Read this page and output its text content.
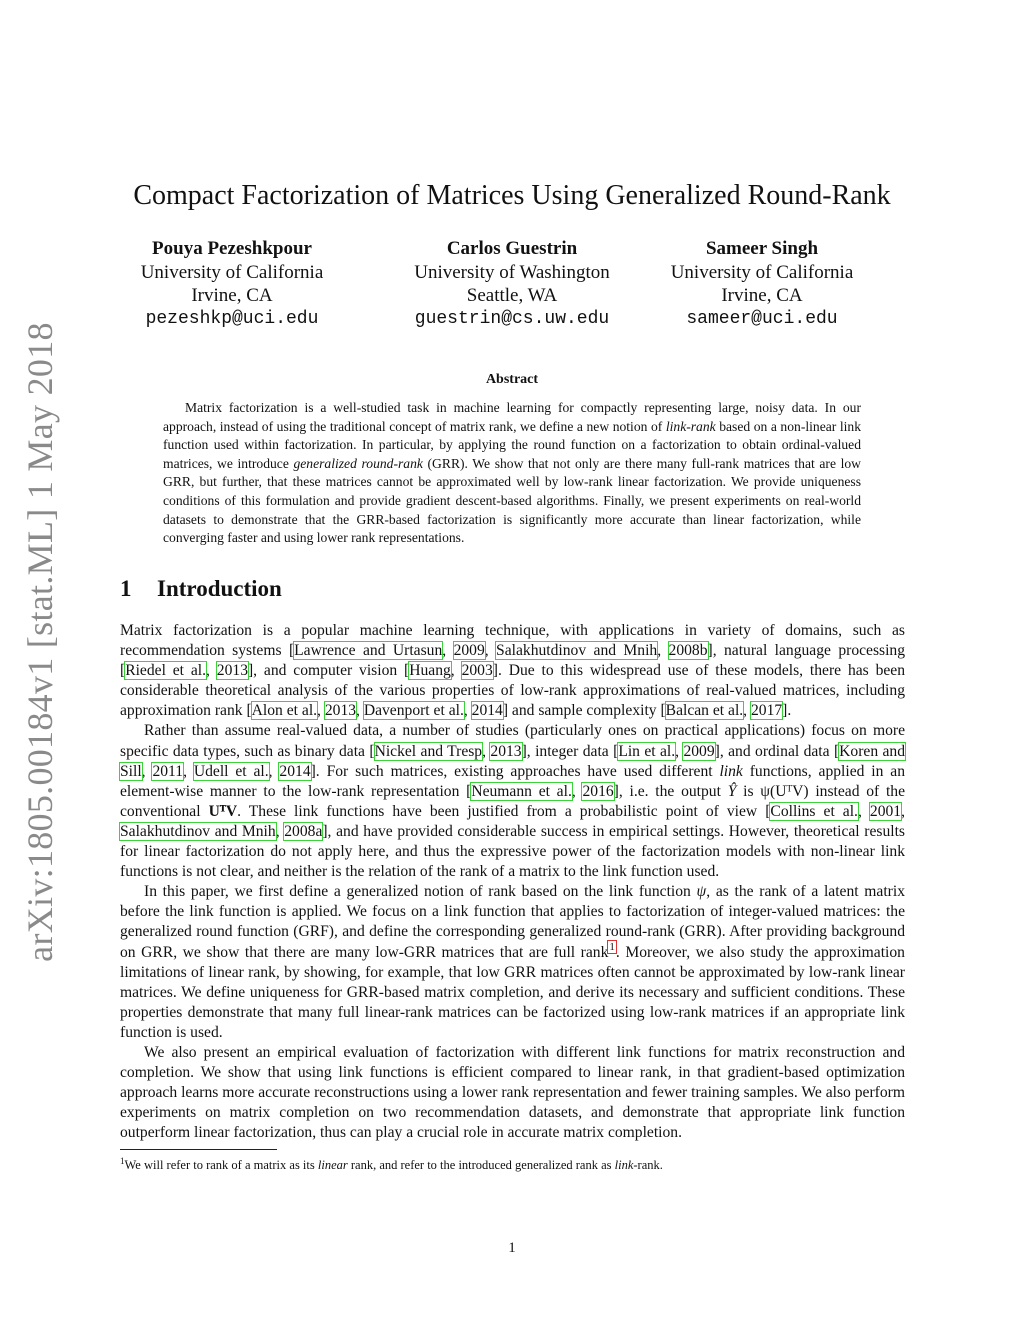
arXiv:1805.00184v1 [stat.ML] 1 May 2018
Compact Factorization of Matrices Using Generalized Round-Rank
Pouya Pezeshkpour
University of California
Irvine, CA
pezeshkp@uci.edu
Carlos Guestrin
University of Washington
Seattle, WA
guestrin@cs.uw.edu
Sameer Singh
University of California
Irvine, CA
sameer@uci.edu
Abstract

Matrix factorization is a well-studied task in machine learning for compactly representing large, noisy data. In our approach, instead of using the traditional concept of matrix rank, we define a new notion of link-rank based on a non-linear link function used within factorization. In particular, by applying the round function on a factorization to obtain ordinal-valued matrices, we introduce generalized round-rank (GRR). We show that not only are there many full-rank matrices that are low GRR, but further, that these matrices cannot be approximated well by low-rank linear factorization. We provide uniqueness conditions of this formulation and provide gradient descent-based algorithms. Finally, we present experiments on real-world datasets to demonstrate that the GRR-based factorization is significantly more accurate than linear factorization, while converging faster and using lower rank representations.

1 Introduction

Matrix factorization is a popular machine learning technique, with applications in variety of domains, such as recommendation systems [Lawrence and Urtasun, 2009, Salakhutdinov and Mnih, 2008b], natural language processing [Riedel et al., 2013], and computer vision [Huang, 2003]. Due to this widespread use of these models, there has been considerable theoretical analysis of the various properties of low-rank approximations of real-valued matrices, including approximation rank [Alon et al., 2013, Davenport et al., 2014] and sample complexity [Balcan et al., 2017].

Rather than assume real-valued data, a number of studies (particularly ones on practical applications) focus on more specific data types, such as binary data [Nickel and Tresp, 2013], integer data [Lin et al., 2009], and ordinal data [Koren and Sill, 2011, Udell et al., 2014]. For such matrices, existing approaches have used different link functions, applied in an element-wise manner to the low-rank representation [Neumann et al., 2016], i.e. the output Ŷ is ψ(UᵀV) instead of the conventional UᵀV. These link functions have been justified from a probabilistic point of view [Collins et al., 2001, Salakhutdinov and Mnih, 2008a], and have provided considerable success in empirical settings. However, theoretical results for linear factorization do not apply here, and thus the expressive power of the factorization models with non-linear link functions is not clear, and neither is the relation of the rank of a matrix to the link function used.

In this paper, we first define a generalized notion of rank based on the link function ψ, as the rank of a latent matrix before the link function is applied. We focus on a link function that applies to factorization of integer-valued matrices: the generalized round function (GRF), and define the corresponding generalized round-rank (GRR). After providing background on GRR, we show that there are many low-GRR matrices that are full rank$^1$. Moreover, we also study the approximation limitations of linear rank, by showing, for example, that low GRR matrices often cannot be approximated by low-rank linear matrices. We define uniqueness for GRR-based matrix completion, and derive its necessary and sufficient conditions. These properties demonstrate that many full linear-rank matrices can be factorized using low-rank matrices if an appropriate link function is used.

We also present an empirical evaluation of factorization with different link functions for matrix reconstruction and completion. We show that using link functions is efficient compared to linear rank, in that gradient-based optimization approach learns more accurate reconstructions using a lower rank representation and fewer training samples. We also perform experiments on matrix completion on two recommendation datasets, and demonstrate that appropriate link function outperform linear factorization, thus can play a crucial role in accurate matrix completion.

$^1$We will refer to rank of a matrix as its linear rank, and refer to the introduced generalized rank as link-rank.
1
